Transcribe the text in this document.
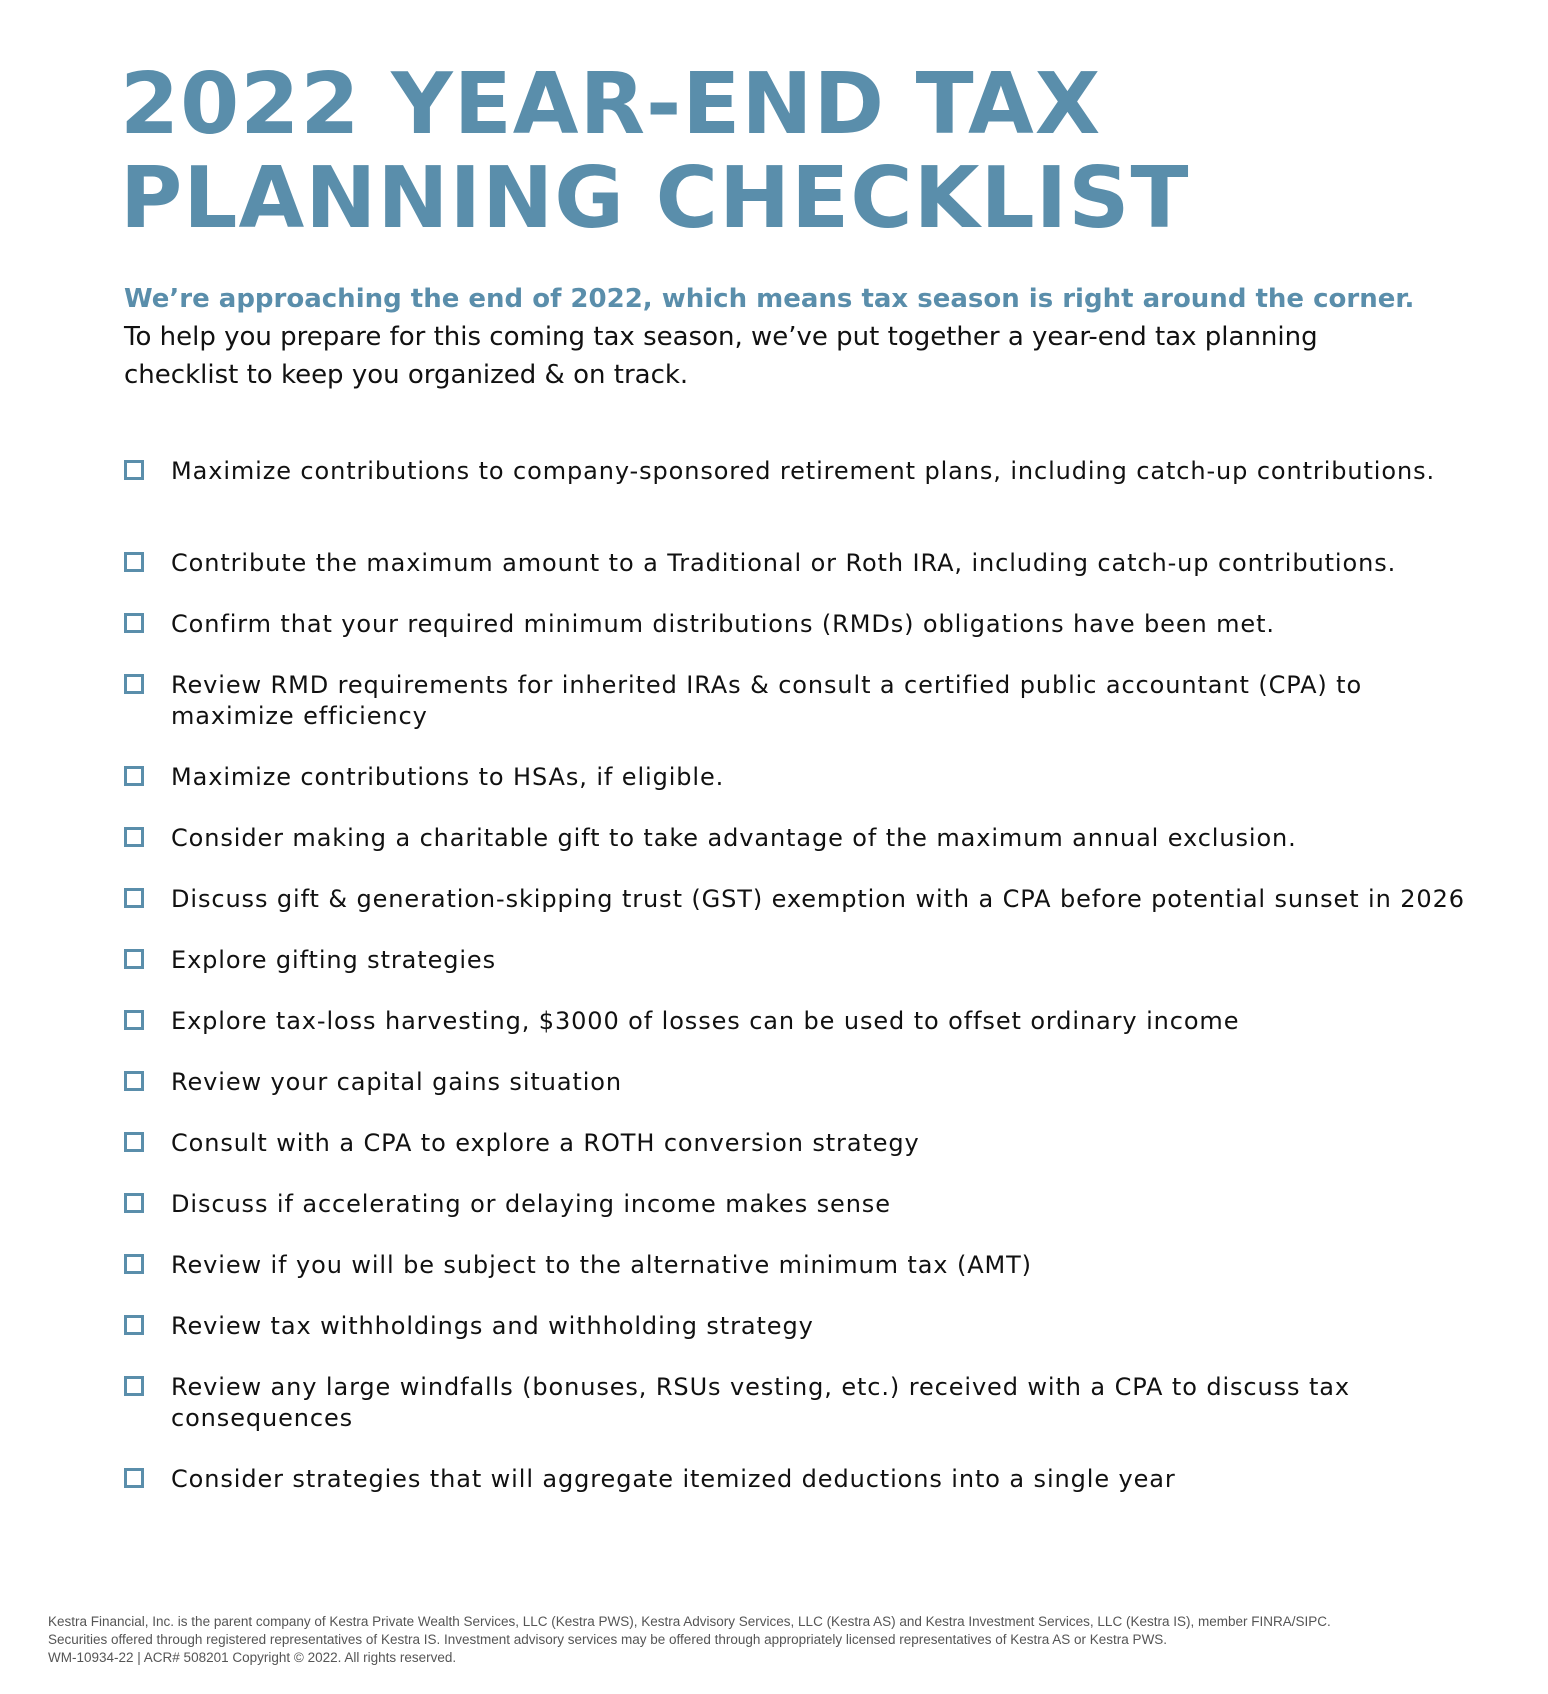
2022 YEAR-END TAX
PLANNING CHECKLIST

We’re approaching the end of 2022, which means tax season is right around the corner.

To help you prepare for this coming tax season, we’ve put together a year-end tax planning checklist to keep you organized & on track.

Maximize contributions to company-sponsored retirement plans, including catch-up contributions.
Contribute the maximum amount to a Traditional or Roth IRA, including catch-up contributions.
Confirm that your required minimum distributions (RMDs) obligations have been met.
Review RMD requirements for inherited IRAs & consult a certified public accountant (CPA) to maximize efficiency
Maximize contributions to HSAs, if eligible.
Consider making a charitable gift to take advantage of the maximum annual exclusion.
Discuss gift & generation-skipping trust (GST) exemption with a CPA before potential sunset in 2026
Explore gifting strategies
Explore tax-loss harvesting, $3000 of losses can be used to offset ordinary income
Review your capital gains situation
Consult with a CPA to explore a ROTH conversion strategy
Discuss if accelerating or delaying income makes sense
Review if you will be subject to the alternative minimum tax (AMT)
Review tax withholdings and withholding strategy
Review any large windfalls (bonuses, RSUs vesting, etc.) received with a CPA to discuss tax consequences
Consider strategies that will aggregate itemized deductions into a single year

Kestra Financial, Inc. is the parent company of Kestra Private Wealth Services, LLC (Kestra PWS), Kestra Advisory Services, LLC (Kestra AS) and Kestra Investment Services, LLC (Kestra IS), member FINRA/SIPC.

Securities offered through registered representatives of Kestra IS. Investment advisory services may be offered through appropriately licensed representatives of Kestra AS or Kestra PWS.

WM-10934-22 | ACR# 508201 Copyright © 2022. All rights reserved.
